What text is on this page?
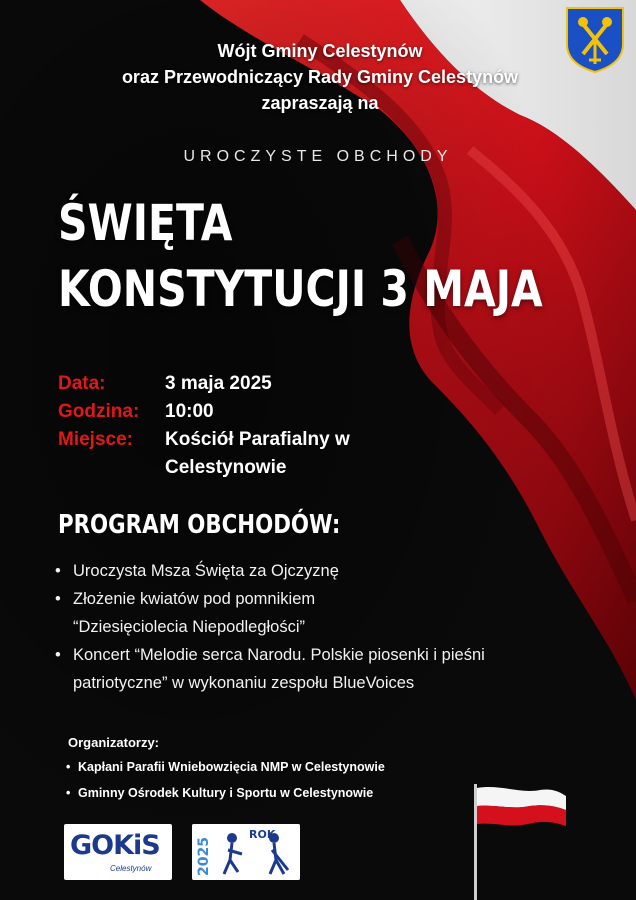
Wójt Gminy Celestynów
oraz Przewodniczący Rady Gminy Celestynów
zapraszają na
UROCZYSTE OBCHODY
ŚWIĘTA
KONSTYTUCJI 3 MAJA
Data:	3 maja 2025
Godzina:	10:00
Miejsce:	Kościół Parafialny w
Celestynowie
PROGRAM OBCHODÓW:
• Uroczysta Msza Święta za Ojczyznę
• Złożenie kwiatów pod pomnikiem
“Dziesięciolecia Niepodległości”
• Koncert “Melodie serca Narodu. Polskie piosenki i pieśni
patriotyczne” w wykonaniu zespołu BlueVoices
Organizatorzy:
• Kapłani Parafii Wniebowzięcia NMP w Celestynowie
• Gminny Ośrodek Kultury i Sportu w Celestynowie
GOKiS
Celestynów	2025
ROK
